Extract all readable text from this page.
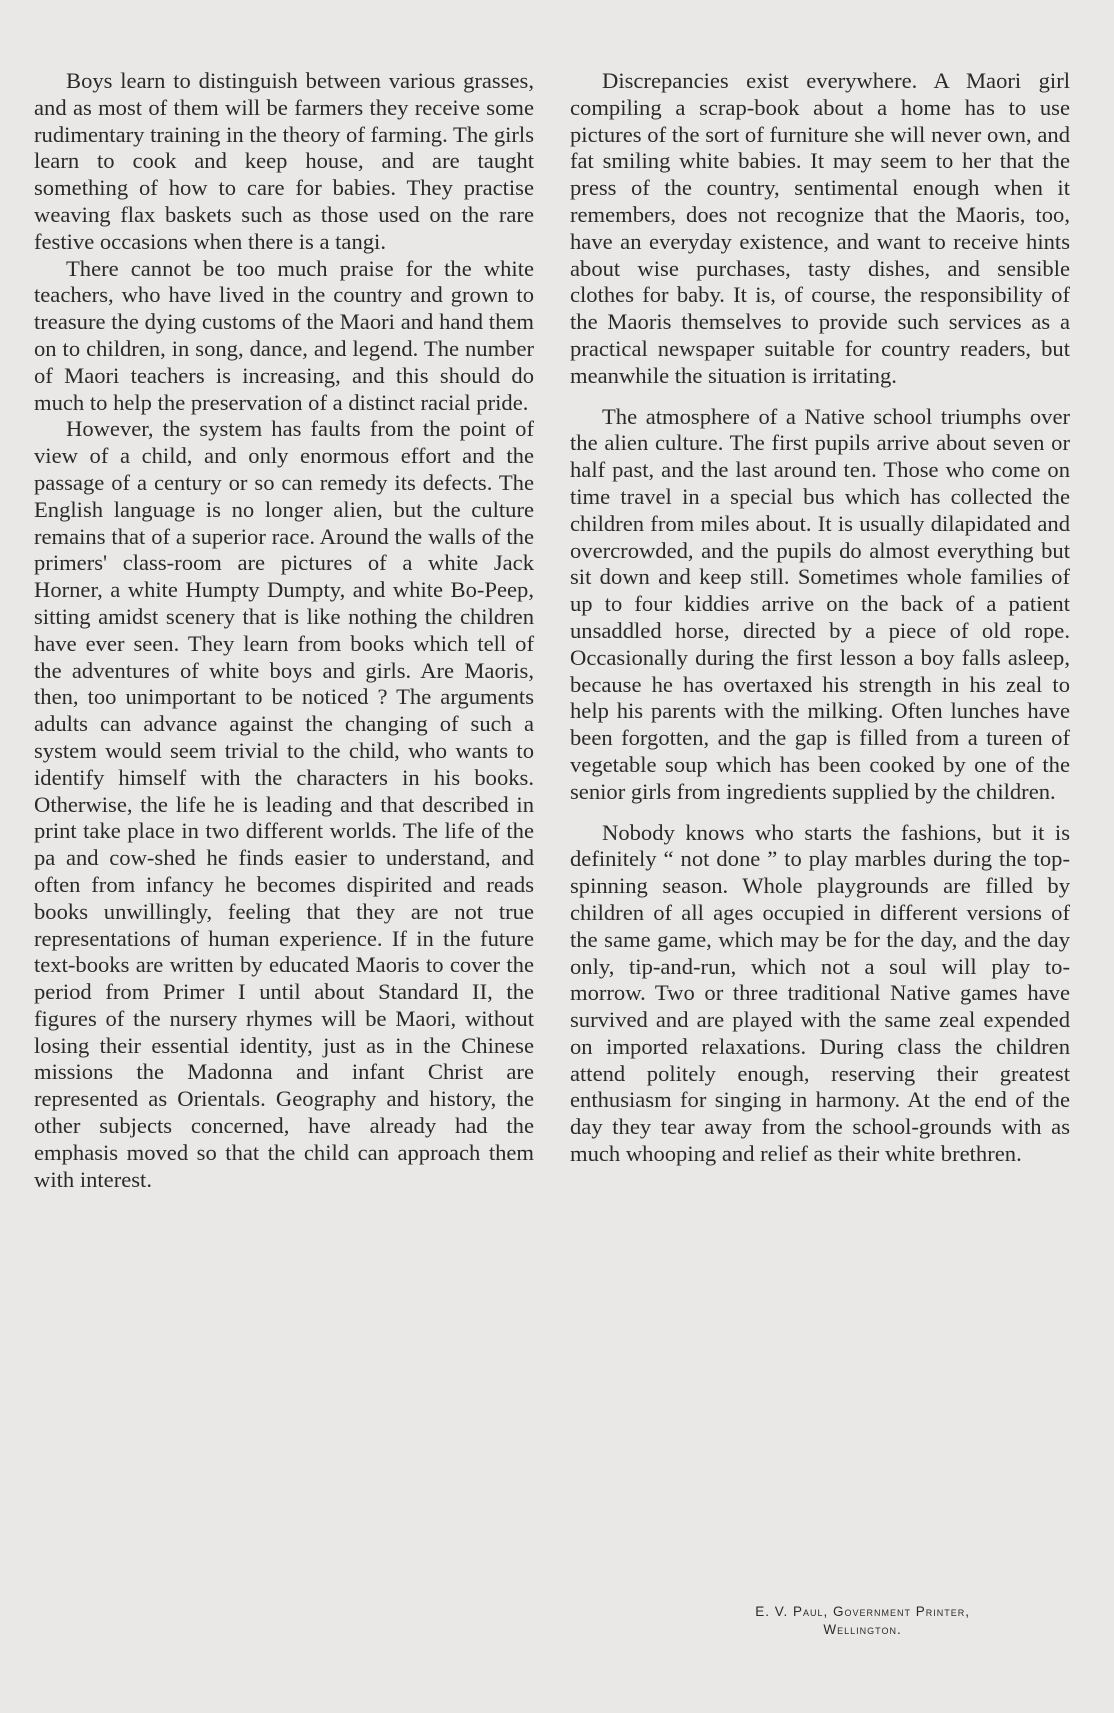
Boys learn to distinguish between various grasses, and as most of them will be farmers they receive some rudimentary training in the theory of farming. The girls learn to cook and keep house, and are taught something of how to care for babies. They practise weaving flax baskets such as those used on the rare festive occasions when there is a tangi.

There cannot be too much praise for the white teachers, who have lived in the country and grown to treasure the dying customs of the Maori and hand them on to children, in song, dance, and legend. The number of Maori teachers is increasing, and this should do much to help the preservation of a distinct racial pride.

However, the system has faults from the point of view of a child, and only enormous effort and the passage of a century or so can remedy its defects. The English language is no longer alien, but the culture remains that of a superior race. Around the walls of the primers' class-room are pictures of a white Jack Horner, a white Humpty Dumpty, and white Bo-Peep, sitting amidst scenery that is like nothing the children have ever seen. They learn from books which tell of the adventures of white boys and girls. Are Maoris, then, too unimportant to be noticed ? The arguments adults can advance against the changing of such a system would seem trivial to the child, who wants to identify himself with the characters in his books. Otherwise, the life he is leading and that described in print take place in two different worlds. The life of the pa and cow-shed he finds easier to understand, and often from infancy he becomes dispirited and reads books unwillingly, feeling that they are not true representations of human experience. If in the future text-books are written by educated Maoris to cover the period from Primer I until about Standard II, the figures of the nursery rhymes will be Maori, without losing their essential identity, just as in the Chinese missions the Madonna and infant Christ are represented as Orientals. Geography and history, the other subjects concerned, have already had the emphasis moved so that the child can approach them with interest.

Discrepancies exist everywhere. A Maori girl compiling a scrap-book about a home has to use pictures of the sort of furniture she will never own, and fat smiling white babies. It may seem to her that the press of the country, sentimental enough when it remembers, does not recognize that the Maoris, too, have an everyday existence, and want to receive hints about wise purchases, tasty dishes, and sensible clothes for baby. It is, of course, the responsibility of the Maoris themselves to provide such services as a practical newspaper suitable for country readers, but meanwhile the situation is irritating.

The atmosphere of a Native school triumphs over the alien culture. The first pupils arrive about seven or half past, and the last around ten. Those who come on time travel in a special bus which has collected the children from miles about. It is usually dilapidated and overcrowded, and the pupils do almost everything but sit down and keep still. Sometimes whole families of up to four kiddies arrive on the back of a patient unsaddled horse, directed by a piece of old rope. Occasionally during the first lesson a boy falls asleep, because he has overtaxed his strength in his zeal to help his parents with the milking. Often lunches have been forgotten, and the gap is filled from a tureen of vegetable soup which has been cooked by one of the senior girls from ingredients supplied by the children.

Nobody knows who starts the fashions, but it is definitely “ not done ” to play marbles during the top-spinning season. Whole playgrounds are filled by children of all ages occupied in different versions of the same game, which may be for the day, and the day only, tip-and-run, which not a soul will play to-morrow. Two or three traditional Native games have survived and are played with the same zeal expended on imported relaxations. During class the children attend politely enough, reserving their greatest enthusiasm for singing in harmony. At the end of the day they tear away from the school-grounds with as much whooping and relief as their white brethren.

E. V. Paul, Government Printer,
Wellington.
